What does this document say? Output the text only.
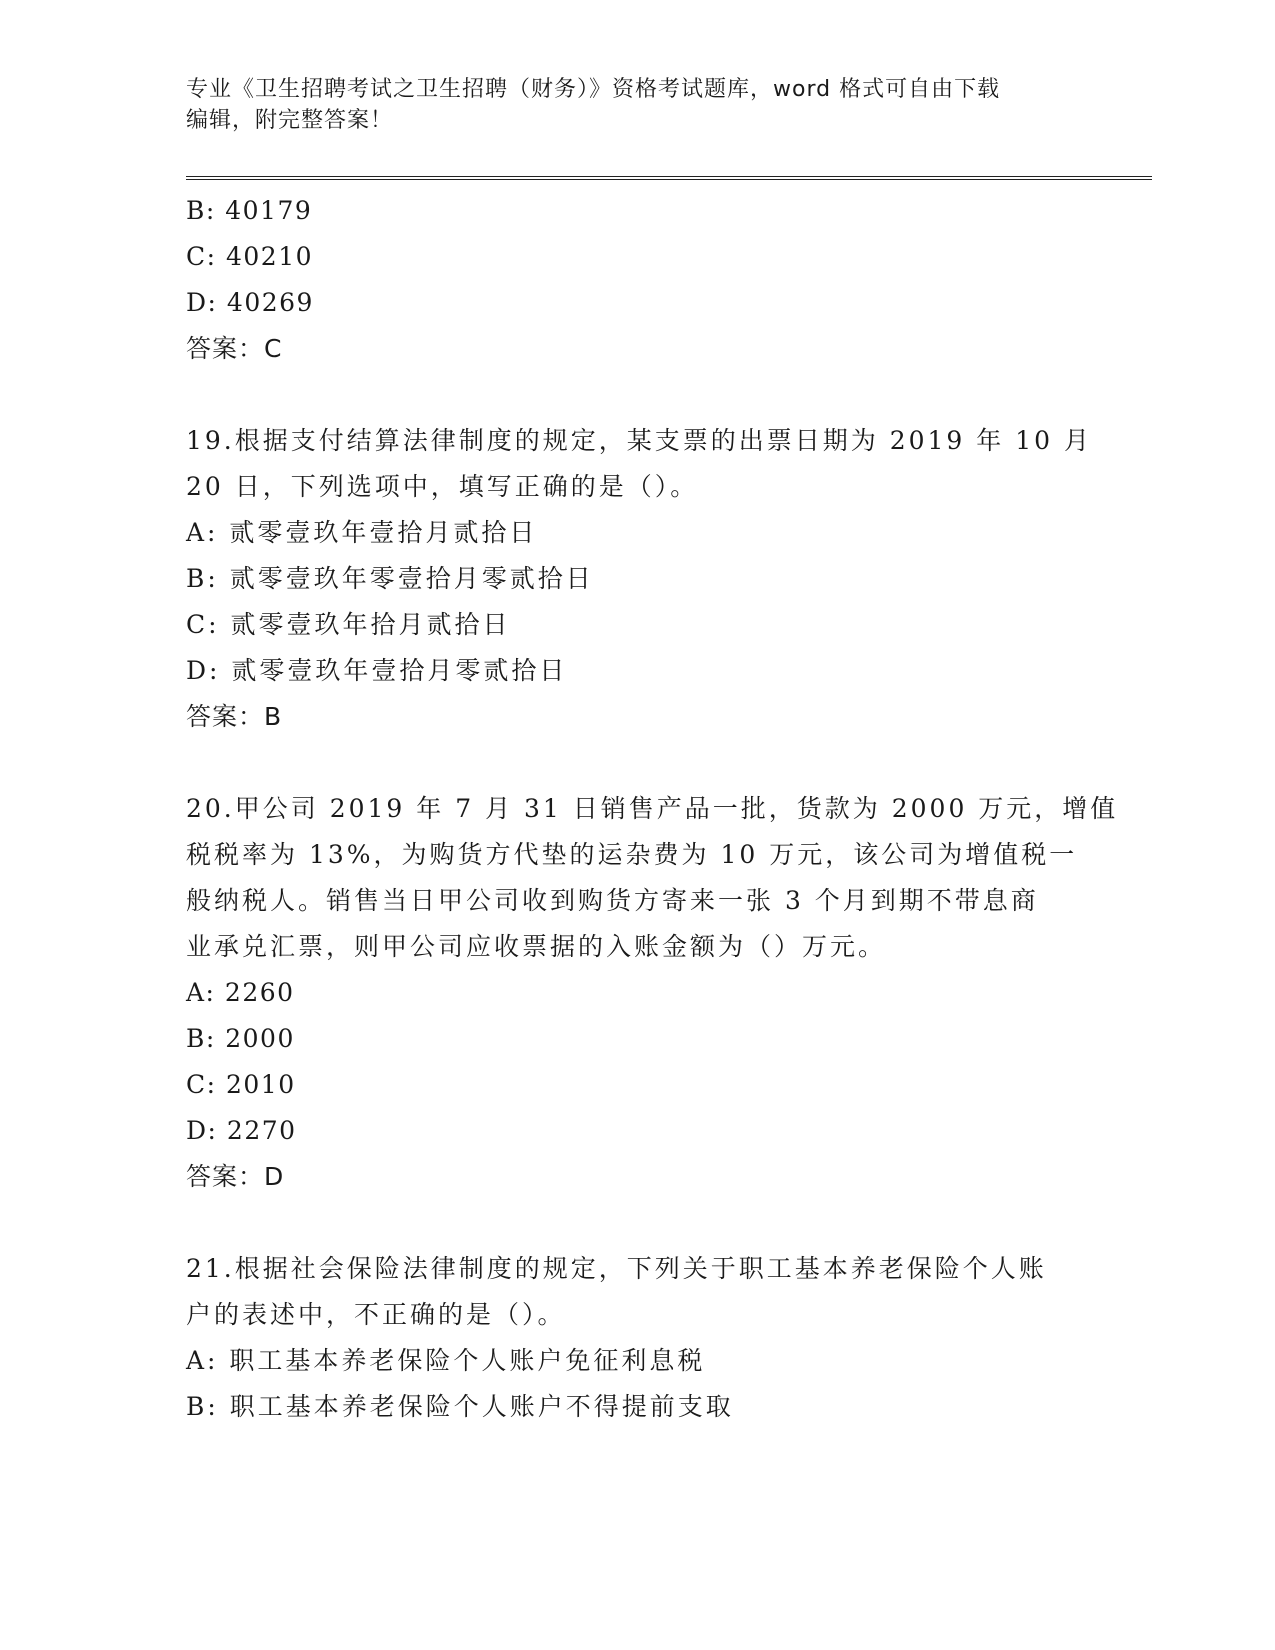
专业《卫生招聘考试之卫生招聘（财务）》资格考试题库，word 格式可自由下载
编辑，附完整答案！
B: 40179
C: 40210
D: 40269
答案：C
19.根据支付结算法律制度的规定，某支票的出票日期为 2019 年 10 月
20 日，下列选项中，填写正确的是（）。
A: 贰零壹玖年壹拾月贰拾日
B: 贰零壹玖年零壹拾月零贰拾日
C: 贰零壹玖年拾月贰拾日
D: 贰零壹玖年壹拾月零贰拾日
答案：B
20.甲公司 2019 年 7 月 31 日销售产品一批，货款为 2000 万元，增值
税税率为 13%，为购货方代垫的运杂费为 10 万元，该公司为增值税一
般纳税人。销售当日甲公司收到购货方寄来一张 3 个月到期不带息商
业承兑汇票，则甲公司应收票据的入账金额为（）万元。
A: 2260
B: 2000
C: 2010
D: 2270
答案：D
21.根据社会保险法律制度的规定，下列关于职工基本养老保险个人账
户的表述中，不正确的是（）。
A: 职工基本养老保险个人账户免征利息税
B: 职工基本养老保险个人账户不得提前支取
